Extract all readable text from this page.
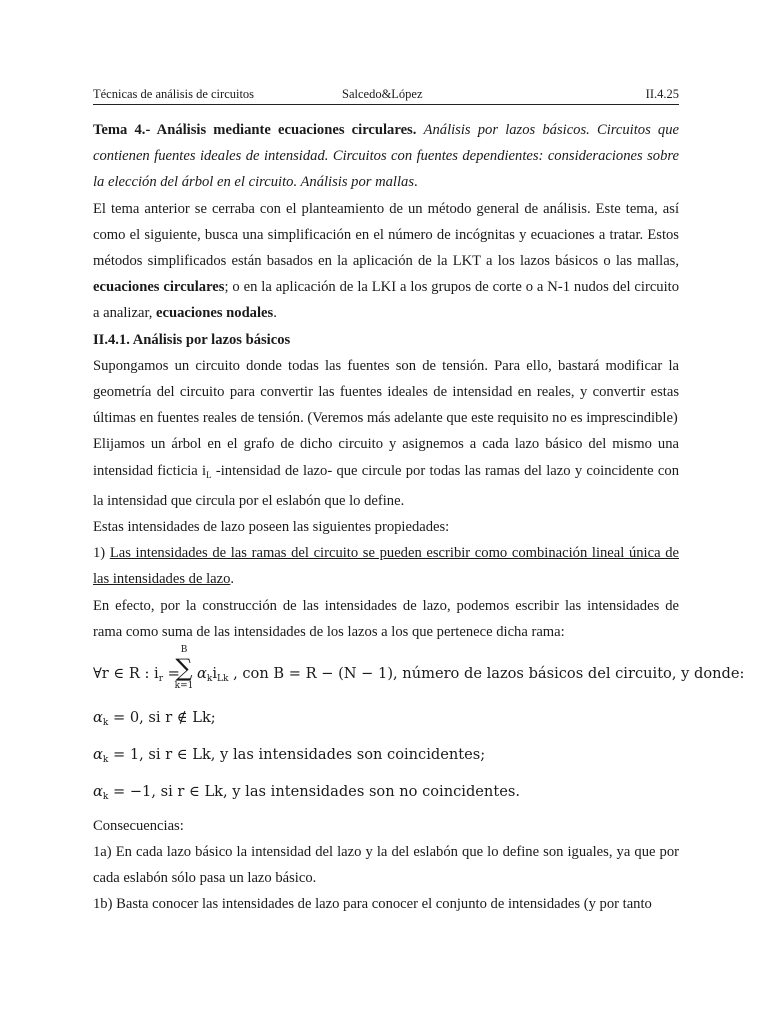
Técnicas de análisis de circuitos	Salcedo&López	II.4.25

Tema 4.- Análisis mediante ecuaciones circulares. Análisis por lazos básicos. Circuitos que contienen fuentes ideales de intensidad. Circuitos con fuentes dependientes: consideraciones sobre la elección del árbol en el circuito. Análisis por mallas.

El tema anterior se cerraba con el planteamiento de un método general de análisis. Este tema, así como el siguiente, busca una simplificación en el número de incógnitas y ecuaciones a tratar. Estos métodos simplificados están basados en la aplicación de la LKT a los lazos básicos o las mallas, ecuaciones circulares; o en la aplicación de la LKI a los grupos de corte o a N-1 nudos del circuito a analizar, ecuaciones nodales.

II.4.1. Análisis por lazos básicos

Supongamos un circuito donde todas las fuentes son de tensión. Para ello, bastará modificar la geometría del circuito para convertir las fuentes ideales de intensidad en reales, y convertir estas últimas en fuentes reales de tensión. (Veremos más adelante que este requisito no es imprescindible)

Elijamos un árbol en el grafo de dicho circuito y asignemos a cada lazo básico del mismo una intensidad ficticia $i_L$ -intensidad de lazo- que circule por todas las ramas del lazo y coincidente con la intensidad que circula por el eslabón que lo define.

Estas intensidades de lazo poseen las siguientes propiedades:

1) Las intensidades de las ramas del circuito se pueden escribir como combinación lineal única de las intensidades de lazo.

En efecto, por la construcción de las intensidades de lazo, podemos escribir las intensidades de rama como suma de las intensidades de los lazos a los que pertenece dicha rama:

∀r ∈ R : $i_r$ =
B
∑
k=1
$\alpha_ki_{Lk}$ , con B = R − (N − 1), número de lazos básicos del circuito, y donde:

$\alpha_k = 0$, si r ∉ Lk;

$\alpha_k = 1$, si r ∈ Lk, y las intensidades son coincidentes;

$\alpha_k = -1$, si r ∈ Lk, y las intensidades son no coincidentes.

Consecuencias:

1a) En cada lazo básico la intensidad del lazo y la del eslabón que lo define son iguales, ya que por cada eslabón sólo pasa un lazo básico.

1b) Basta conocer las intensidades de lazo para conocer el conjunto de intensidades (y por tanto
